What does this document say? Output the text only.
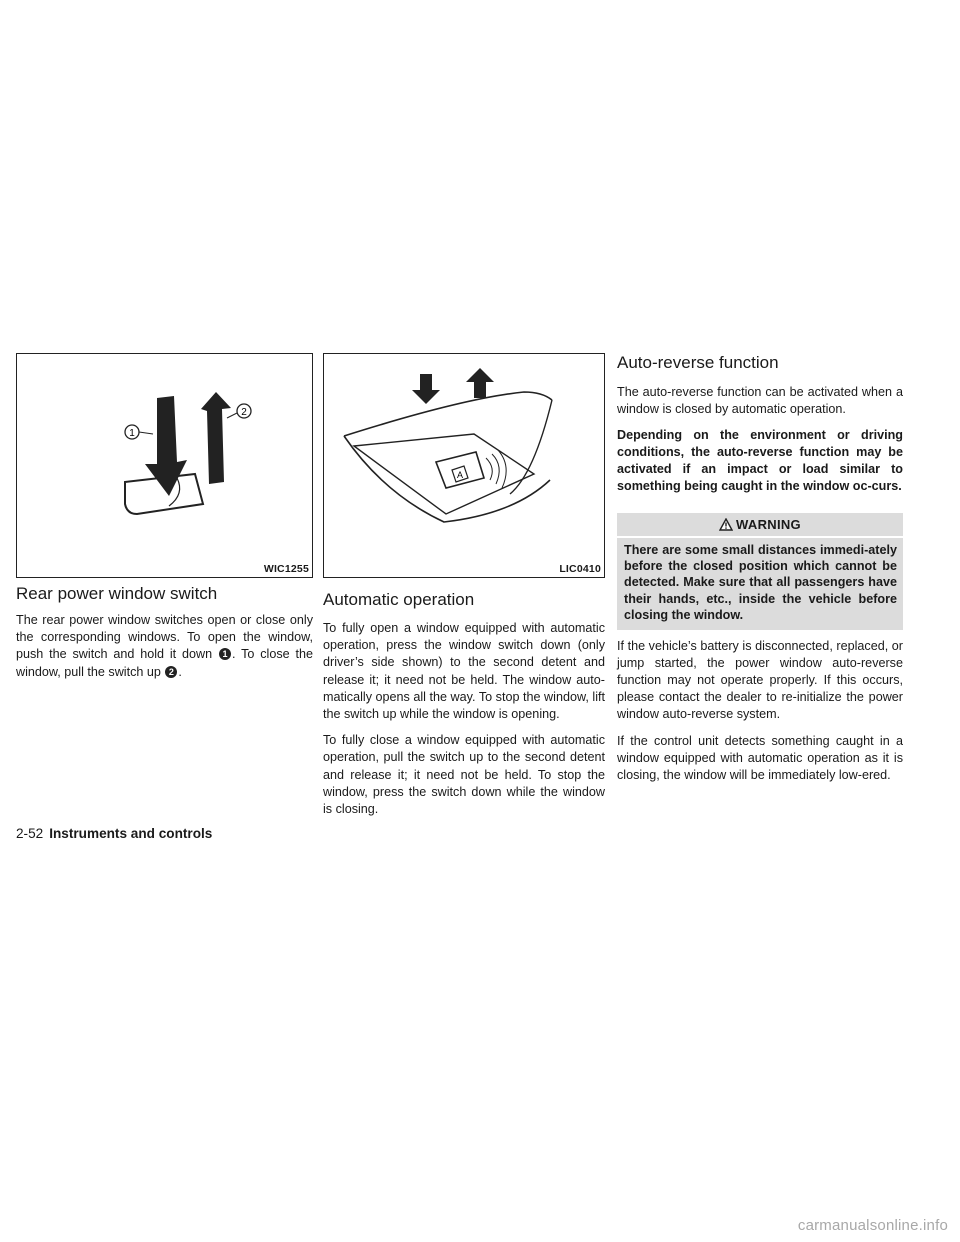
1
2
WIC1255
Rear power window switch

The rear power window switches open or close only the corresponding windows. To open the window, push the switch and hold it down 1 . To close the window, pull the switch up 2 .

A
LIC0410
Automatic operation

To fully open a window equipped with automatic operation, press the window switch down (only driver’s side shown) to the second detent and release it; it need not be held. The window auto-matically opens all the way. To stop the window, lift the switch up while the window is opening.

To fully close a window equipped with automatic operation, pull the switch up to the second detent and release it; it need not be held. To stop the window, press the switch down while the window is closing.

Auto-reverse function

The auto-reverse function can be activated when a window is closed by automatic operation.

Depending on the environment or driving conditions, the auto-reverse function may be activated if an impact or load similar to something being caught in the window oc-curs.

WARNING
There are some small distances immedi-ately before the closed position which cannot be detected. Make sure that all passengers have their hands, etc., inside the vehicle before closing the window.

If the vehicle’s battery is disconnected, replaced, or jump started, the power window auto-reverse function may not operate properly. If this occurs, please contact the dealer to re-initialize the power window auto-reverse system.

If the control unit detects something caught in a window equipped with automatic operation as it is closing, the window will be immediately low-ered.

2-52 Instruments and controls
carmanualsonline.info
